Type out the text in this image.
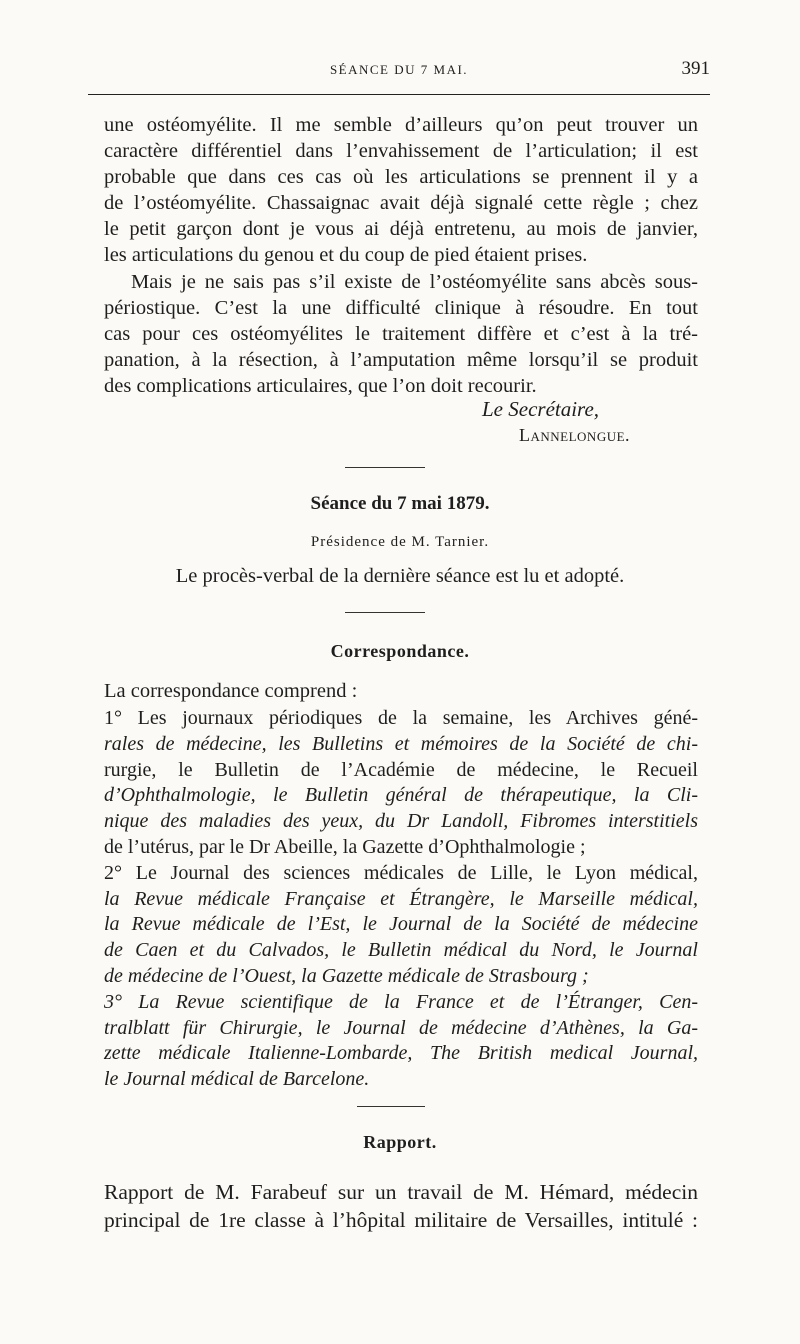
SÉANCE DU 7 MAI.	391
une ostéomyélite. Il me semble d’ailleurs qu’on peut trouver un
caractère différentiel dans l’envahissement de l’articulation; il est
probable que dans ces cas où les articulations se prennent il y a
de l’ostéomyélite. Chassaignac avait déjà signalé cette règle ; chez
le petit garçon dont je vous ai déjà entretenu, au mois de janvier,
les articulations du genou et du coup de pied étaient prises.
Mais je ne sais pas s’il existe de l’ostéomyélite sans abcès sous-
périostique. C’est la une difficulté clinique à résoudre. En tout
cas pour ces ostéomyélites le traitement diffère et c’est à la tré-
panation, à la résection, à l’amputation même lorsqu’il se produit
des complications articulaires, que l’on doit recourir.
Le Secrétaire,
Lannelongue.
Séance du 7 mai 1879.
Présidence de M. Tarnier.
Le procès-verbal de la dernière séance est lu et adopté.
Correspondance.
La correspondance comprend :
1° Les journaux périodiques de la semaine, les Archives géné-
rales de médecine, les Bulletins et mémoires de la Société de chi-
rurgie, le Bulletin de l’Académie de médecine, le Recueil
d’Ophthalmologie, le Bulletin général de thérapeutique, la Cli-
nique des maladies des yeux, du Dr Landoll, Fibromes interstitiels
de l’utérus, par le Dr Abeille, la Gazette d’Ophthalmologie ;
2° Le Journal des sciences médicales de Lille, le Lyon médical,
la Revue médicale Française et Étrangère, le Marseille médical,
la Revue médicale de l’Est, le Journal de la Société de médecine
de Caen et du Calvados, le Bulletin médical du Nord, le Journal
de médecine de l’Ouest, la Gazette médicale de Strasbourg ;
3° La Revue scientifique de la France et de l’Étranger, Cen-
tralblatt für Chirurgie, le Journal de médecine d’Athènes, la Ga-
zette médicale Italienne-Lombarde, The British medical Journal,
le Journal médical de Barcelone.
Rapport.
Rapport de M. Farabeuf sur un travail de M. Hémard, médecin
principal de 1re classe à l’hôpital militaire de Versailles, intitulé :
